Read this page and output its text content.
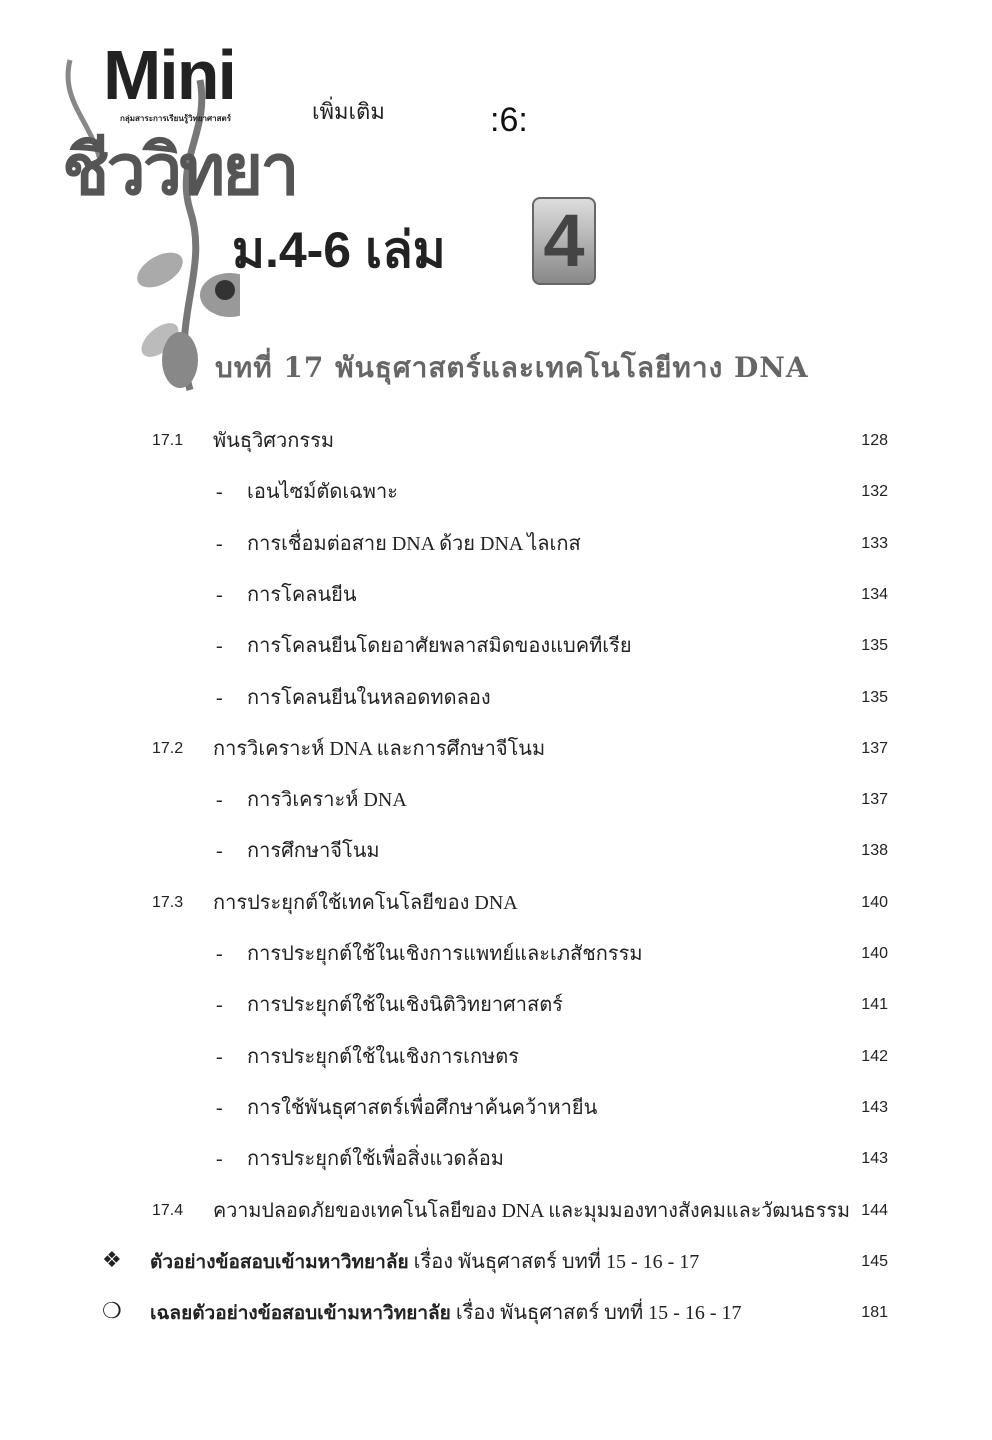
Mini
กลุ่มสาระการเรียนรู้วิทยาศาสตร์	เพิ่มเติม
ชีววิทยา
ม.4-6 เล่ม 4
:6:
บทที่ 17 พันธุศาสตร์และเทคโนโลยีทาง DNA
17.1 พันธุวิศวกรรม	128
- เอนไซม์ตัดเฉพาะ	132
- การเชื่อมต่อสาย DNA ด้วย DNA ไลเกส	133
- การโคลนยีน	134
- การโคลนยีนโดยอาศัยพลาสมิดของแบคทีเรีย	135
- การโคลนยีนในหลอดทดลอง	135
17.2 การวิเคราะห์ DNA และการศึกษาจีโนม	137
- การวิเคราะห์ DNA	137
- การศึกษาจีโนม	138
17.3 การประยุกต์ใช้เทคโนโลยีของ DNA	140
- การประยุกต์ใช้ในเชิงการแพทย์และเภสัชกรรม	140
- การประยุกต์ใช้ในเชิงนิติวิทยาศาสตร์	141
- การประยุกต์ใช้ในเชิงการเกษตร	142
- การใช้พันธุศาสตร์เพื่อศึกษาค้นคว้าหายีน	143
- การประยุกต์ใช้เพื่อสิ่งแวดล้อม	143
17.4 ความปลอดภัยของเทคโนโลยีของ DNA และมุมมองทางสังคมและวัฒนธรรม 144
❖ ตัวอย่างข้อสอบเข้ามหาวิทยาลัย เรื่อง พันธุศาสตร์ บทที่ 15 - 16 - 17	145
❍ เฉลยตัวอย่างข้อสอบเข้ามหาวิทยาลัย เรื่อง พันธุศาสตร์ บทที่ 15 - 16 - 17	181
